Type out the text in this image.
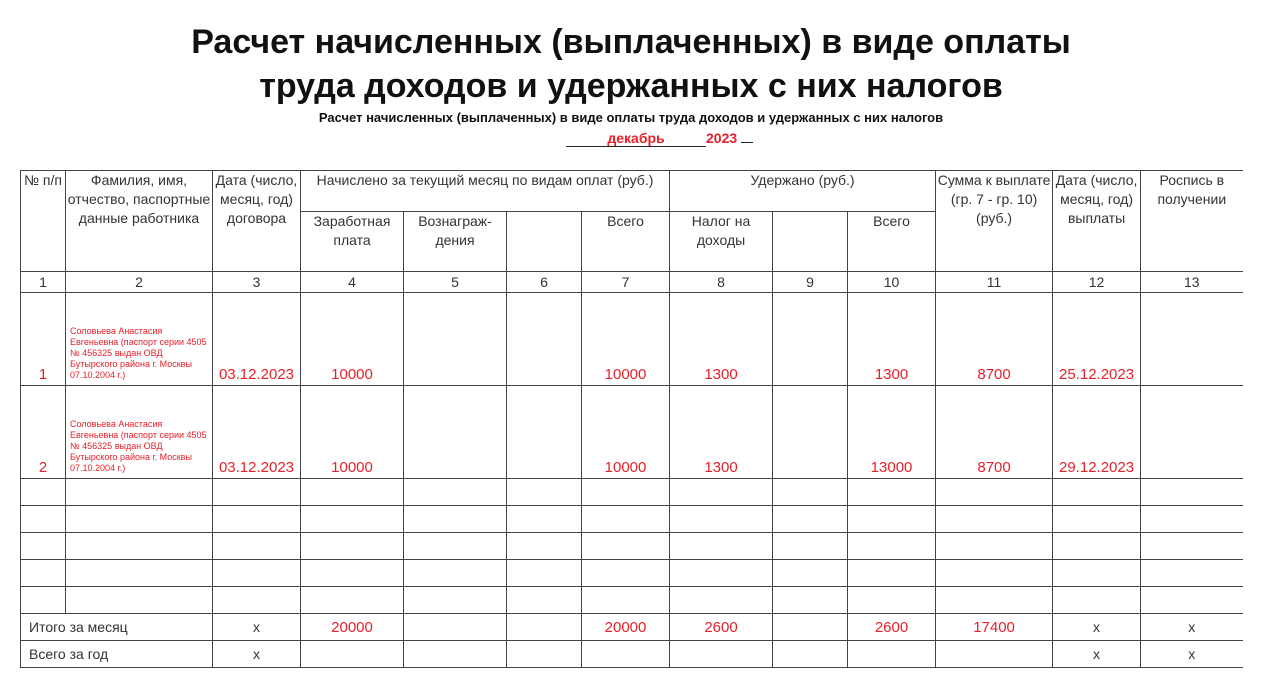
Расчет начисленных (выплаченных) в виде оплаты
труда доходов и удержанных с них налогов
Расчет начисленных (выплаченных) в виде оплаты труда доходов и удержанных с них налогов
декабрь	2023
№ п/п	Фамилия, имя, отчество, паспортные данные работника	Дата (число, месяц, год) договора	Начислено за текущий месяц по видам оплат (руб.)				Удержано (руб.)			Сумма к выплате (гр. 7 - гр. 10) (руб.)	Дата (число, месяц, год) выплаты	Роспись в получении
			Заработная плата	Вознаграж-дения		Всего	Налог на доходы		Всего			
1	2	3	4	5	6	7	8	9	10	11	12	13
1	Соловьева Анастасия Евгеньевна (паспорт серии 4505 № 456325 выдан ОВД Бутырского района г. Москвы 07.10.2004 г.)	03.12.2023	10000			10000	1300		1300	8700	25.12.2023	
2	Соловьева Анастасия Евгеньевна (паспорт серии 4505 № 456325 выдан ОВД Бутырского района г. Москвы 07.10.2004 г.)	03.12.2023	10000			10000	1300		13000	8700	29.12.2023	

Итого за месяц		x	20000			20000	2600		2600	17400	x	x
Всего за год		x									x	x
